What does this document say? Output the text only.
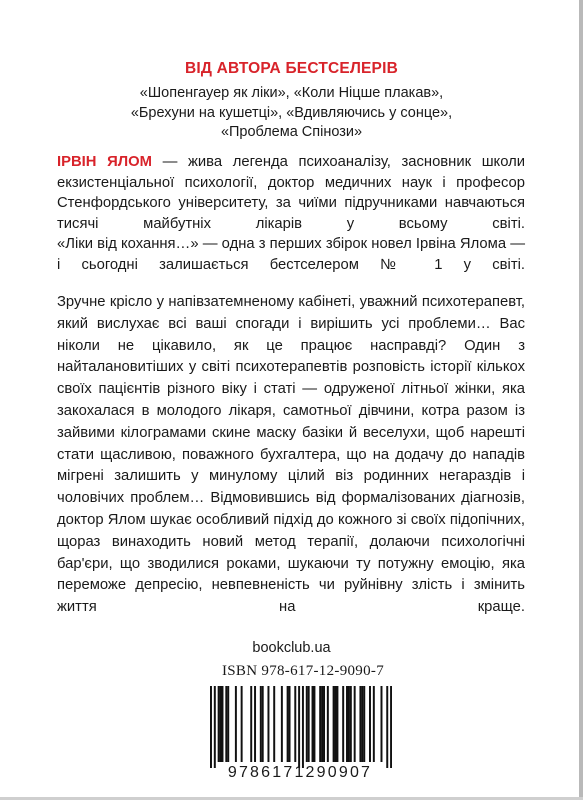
ВІД АВТОРА БЕСТСЕЛЕРІВ
«Шопенгауер як ліки», «Коли Ніцше плакав»,
«Брехуни на кушетці», «Вдивляючись у сонце»,
«Проблема Спінози»
ІРВІН ЯЛОМ — жива легенда психоаналізу, засновник школи екзистенціальної психології, доктор медичних наук і професор Стенфордського університету, за чиїми підручниками навчаються тисячі майбутніх лікарів у всьому світі.
«Ліки від кохання…» — одна з перших збірок новел Ірвіна Ялома — і сьогодні залишається бестселером № 1 у світі.
Зручне крісло у напівзатемненому кабінеті, уважний психотерапевт, який вислухає всі ваші спогади і вирішить усі проблеми… Вас ніколи не цікавило, як це працює насправді? Один з найталановитіших у світі психотерапевтів розповість історії кількох своїх пацієнтів різного віку і статі — одруженої літньої жінки, яка закохалася в молодого лікаря, самотньої дівчини, котра разом із зайвими кілограмами скине маску базіки й веселухи, щоб нарешті стати щасливою, поважного бухгалтера, що на додачу до нападів мігрені залишить у минулому цілий віз родинних негараздів і чоловічих проблем… Відмовившись від формалізованих діагнозів, доктор Ялом шукає особливий підхід до кожного зі своїх підопічних, щораз винаходить новий метод терапії, долаючи психологічні бар'єри, що зводилися роками, шукаючи ту потужну емоцію, яка переможе депресію, невпевненість чи руйнівну злість і змінить життя на краще.
bookclub.ua
ISBN 978-617-12-9090-7
9786171290907
